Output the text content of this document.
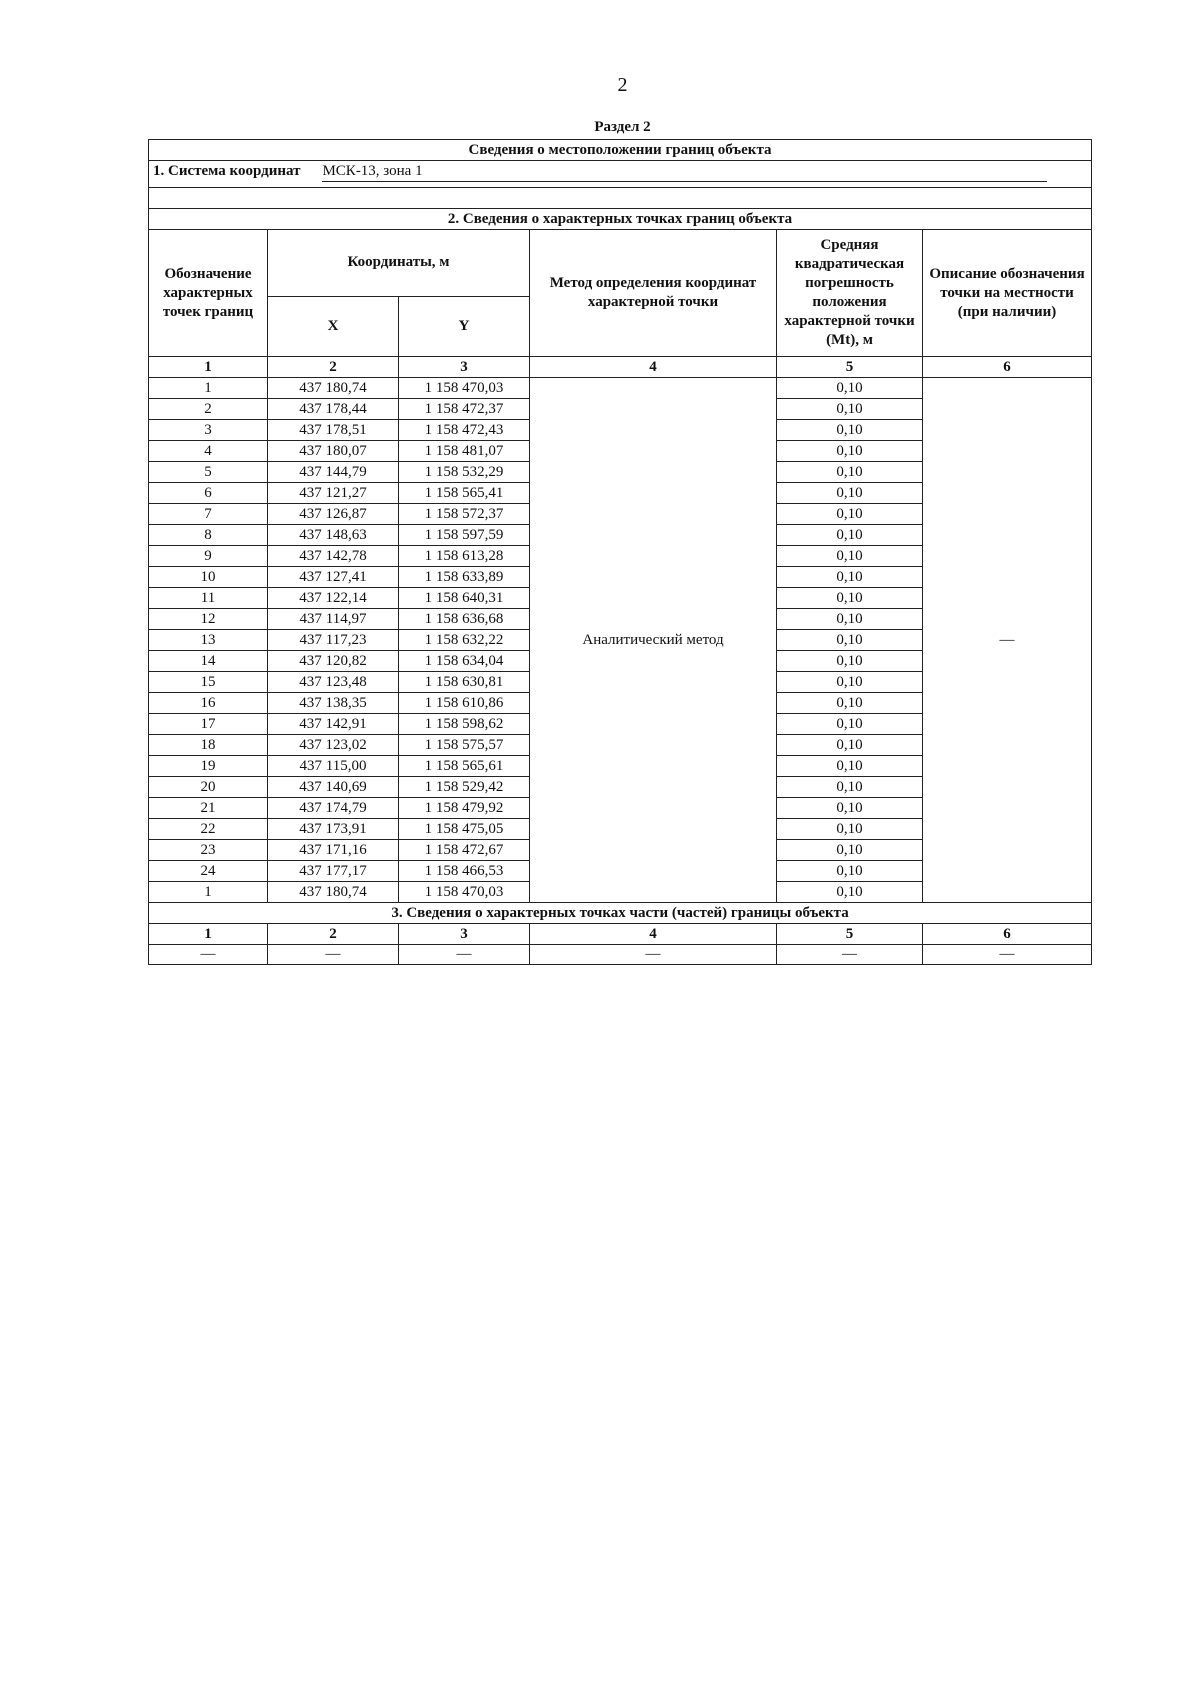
2
Раздел 2
Сведения о местоположении границ объекта					
1. Система координат МСК-13, зона 1					

2. Сведения о характерных точках границ объекта					
Обозначение характерных точек границ	Координаты, м		Метод определения координат характерной точки	Средняя квадратическая погрешность положения характерной точки (Mt), м	Описание обозначения точки на местности (при наличии)
	X	Y			
1	2	3	4	5	6
1	437 180,74	1 158 470,03	Аналитический метод	0,10	—
2	437 178,44	1 158 472,37		0,10	
3	437 178,51	1 158 472,43		0,10	
4	437 180,07	1 158 481,07		0,10	
5	437 144,79	1 158 532,29		0,10	
6	437 121,27	1 158 565,41		0,10	
7	437 126,87	1 158 572,37		0,10	
8	437 148,63	1 158 597,59		0,10	
9	437 142,78	1 158 613,28		0,10	
10	437 127,41	1 158 633,89		0,10	
11	437 122,14	1 158 640,31		0,10	
12	437 114,97	1 158 636,68		0,10	
13	437 117,23	1 158 632,22		0,10	
14	437 120,82	1 158 634,04		0,10	
15	437 123,48	1 158 630,81		0,10	
16	437 138,35	1 158 610,86		0,10	
17	437 142,91	1 158 598,62		0,10	
18	437 123,02	1 158 575,57		0,10	
19	437 115,00	1 158 565,61		0,10	
20	437 140,69	1 158 529,42		0,10	
21	437 174,79	1 158 479,92		0,10	
22	437 173,91	1 158 475,05		0,10	
23	437 171,16	1 158 472,67		0,10	
24	437 177,17	1 158 466,53		0,10	
1	437 180,74	1 158 470,03		0,10	
3. Сведения о характерных точках части (частей) границы объекта					
1	2	3	4	5	6
—	—	—	—	—	—
